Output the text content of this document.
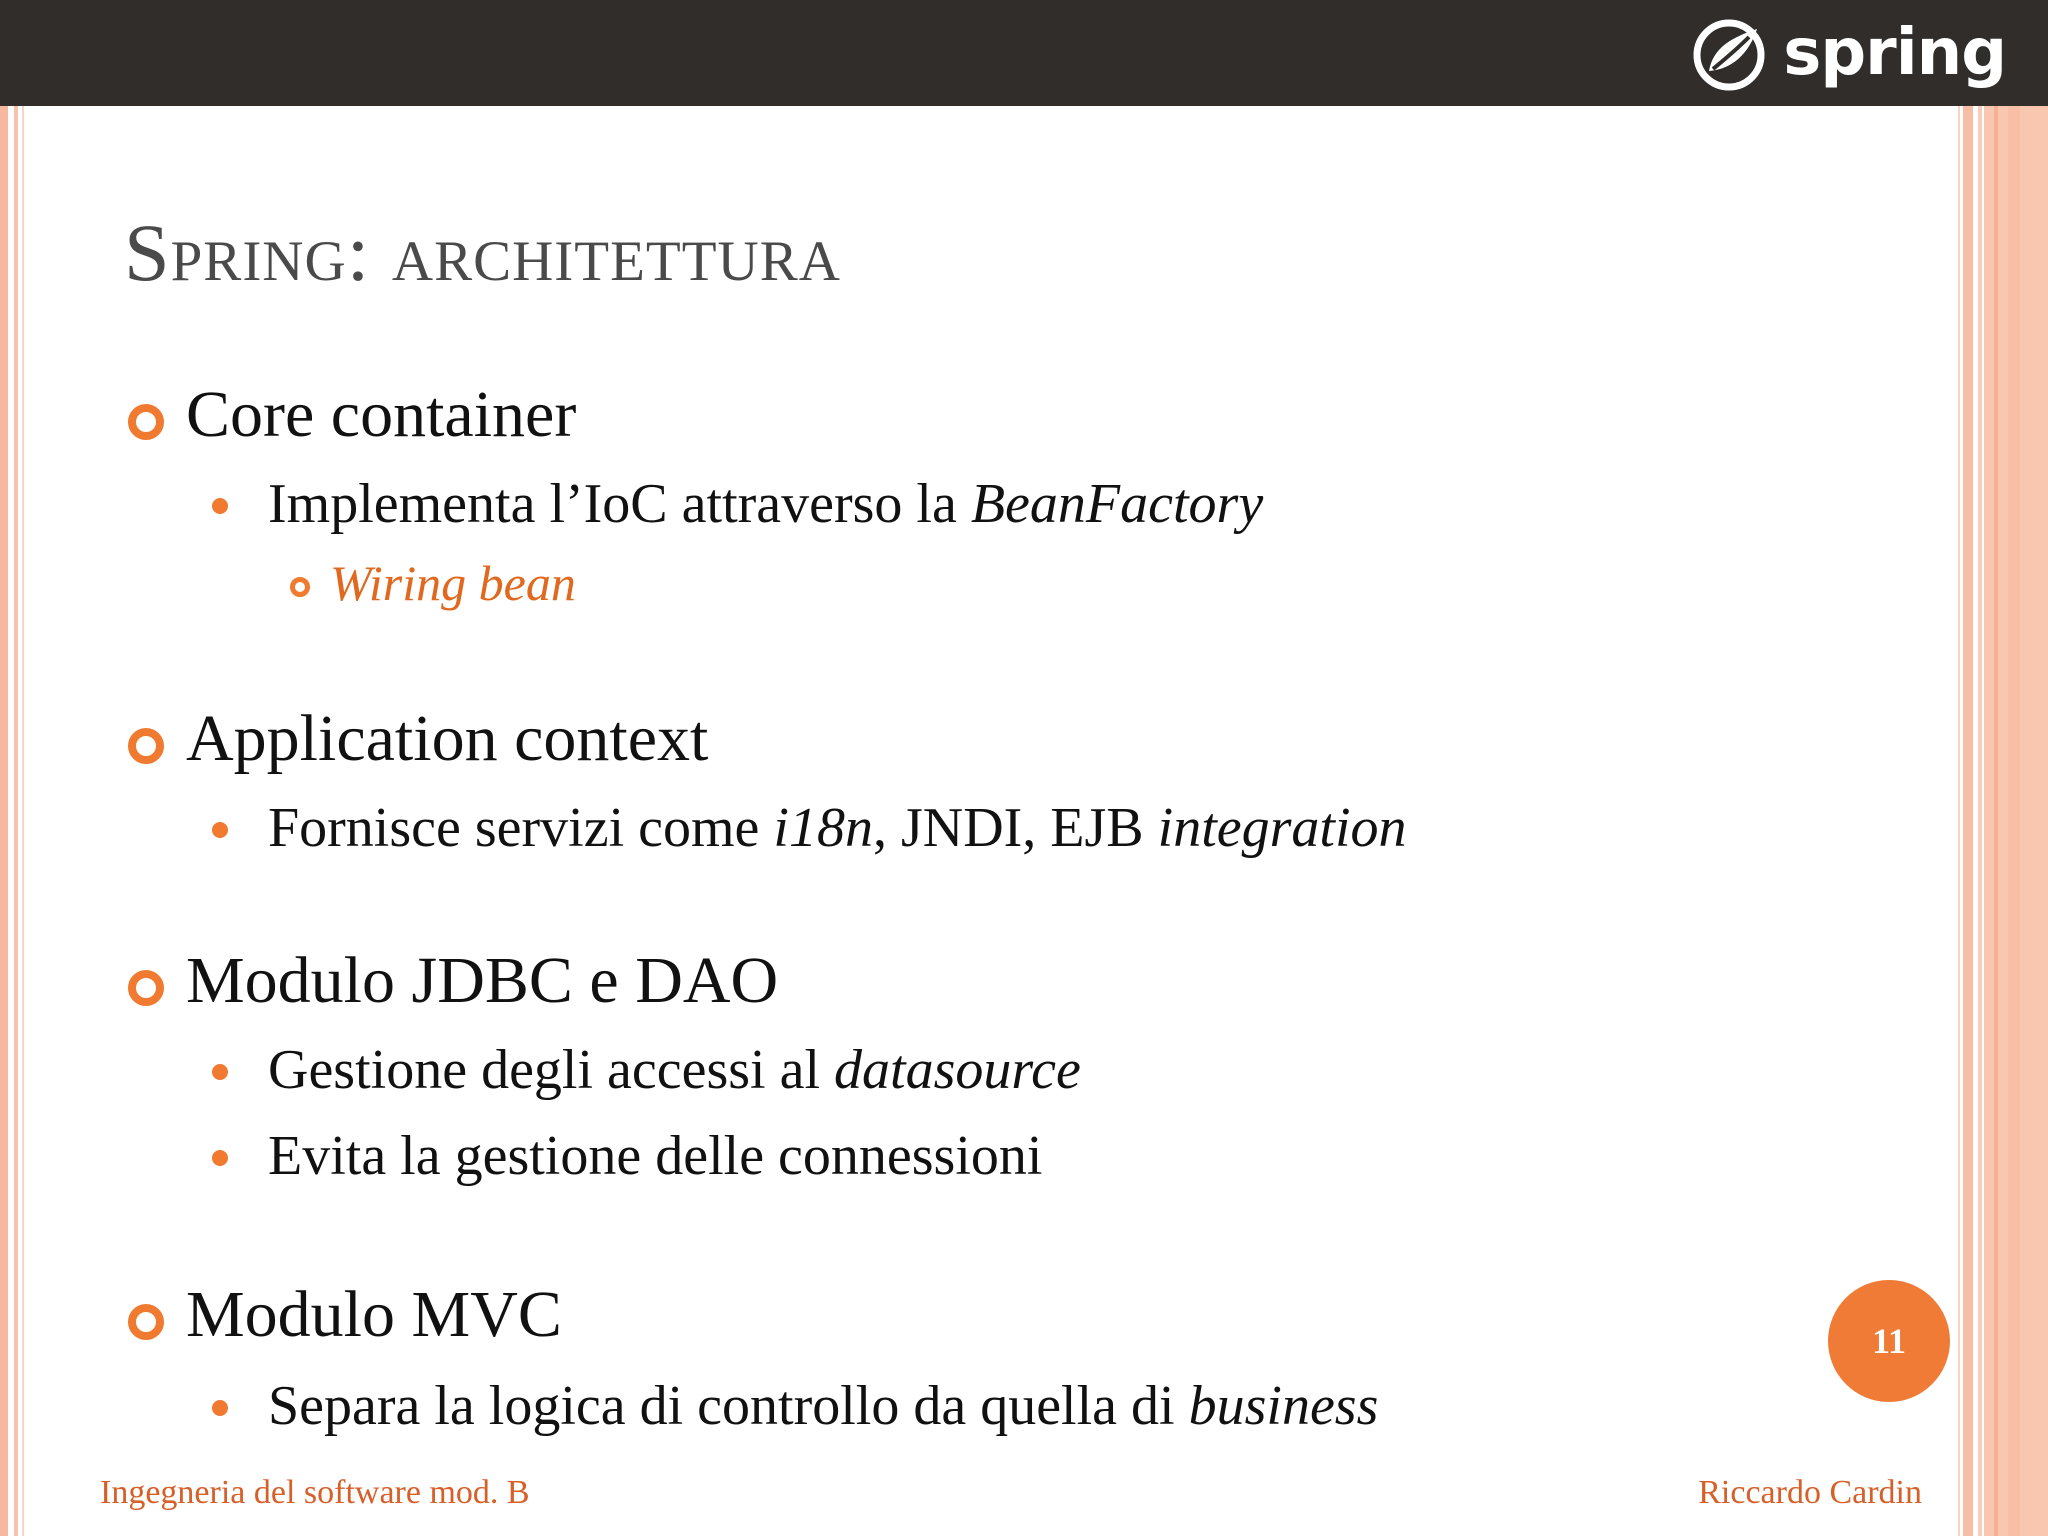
spring
Spring: architettura
Core container
Implementa l’IoC attraverso la BeanFactory
Wiring bean
Application context
Fornisce servizi come i18n, JNDI, EJB integration
Modulo JDBC e DAO
Gestione degli accessi al datasource
Evita la gestione delle connessioni
Modulo MVC
Separa la logica di controllo da quella di business
11
Ingegneria del software mod. B	Riccardo Cardin
